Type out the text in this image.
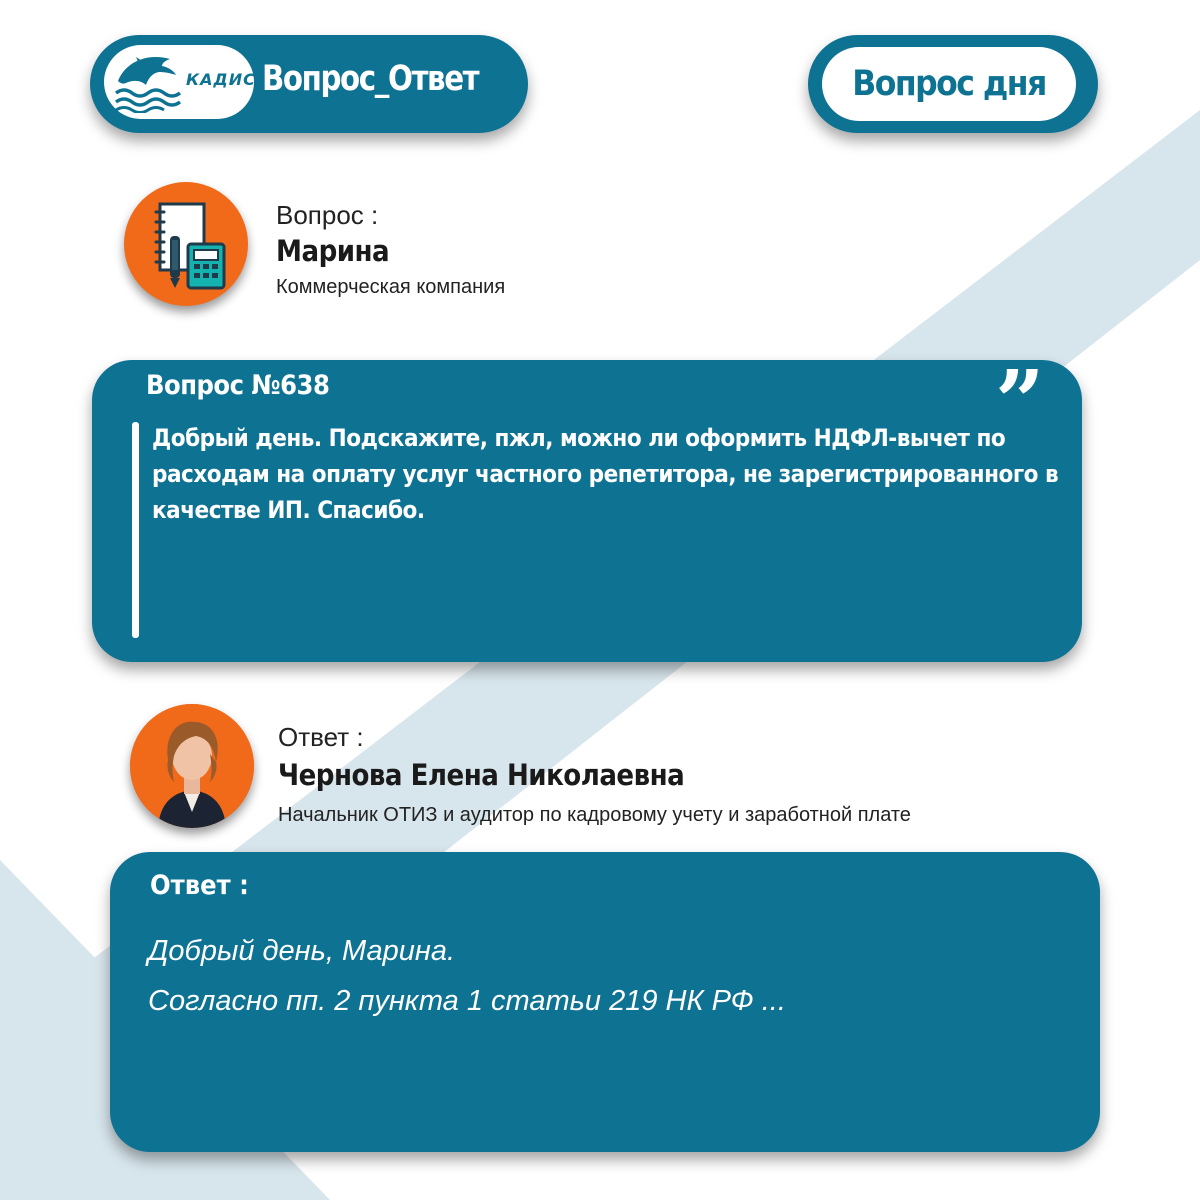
КАДИС Вопрос_Ответ	Вопрос дня
Вопрос :
Марина
Коммерческая компания
Вопрос №638	”
Добрый день. Подскажите, пжл, можно ли оформить НДФЛ-вычет по расходам на оплату услуг частного репетитора, не зарегистрированного в качестве ИП. Спасибо.
Ответ :
Чернова Елена Николаевна
Начальник ОТИЗ и аудитор по кадровому учету и заработной плате
Ответ :
Добрый день, Марина.
Согласно пп. 2 пункта 1 статьи 219 НК РФ ...
